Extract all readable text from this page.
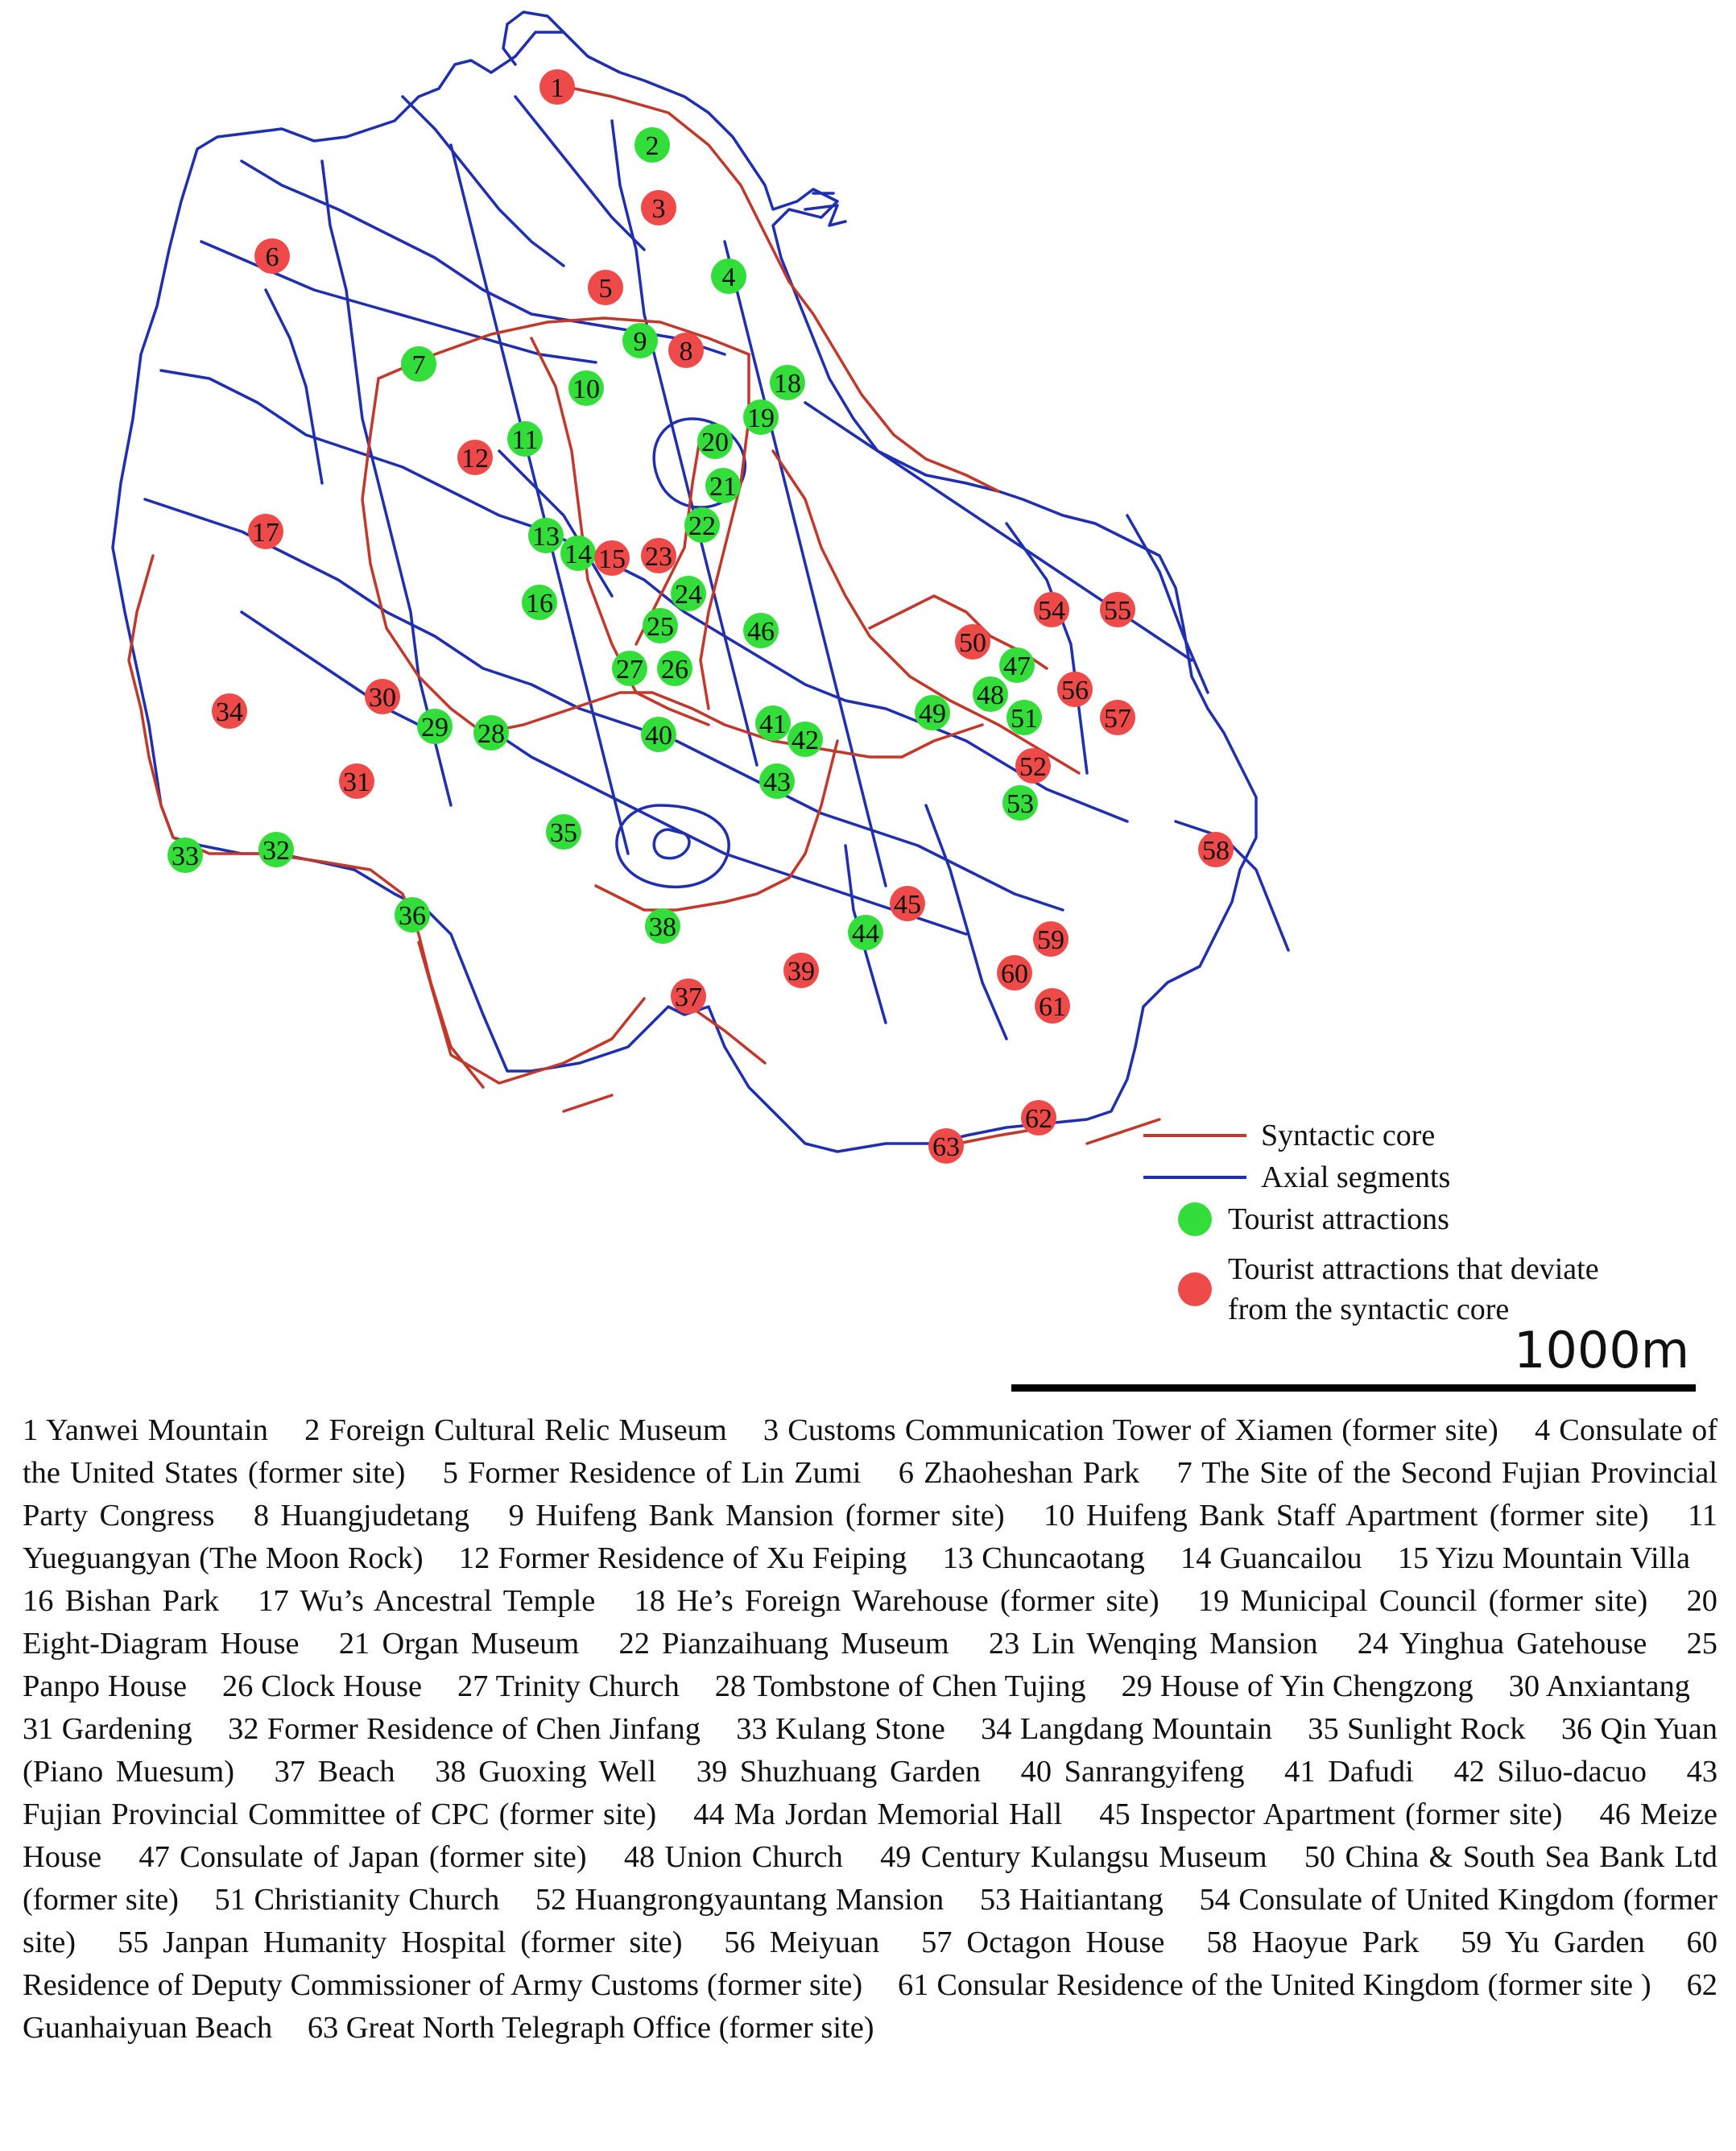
1
2
3
4
5
6
7	8
9
10
11
12
13
14 15
16
17
18
19
20
21
22
23
24
25
26
27
28
29
30
31
32
33
34
35
36
37
38
39
40	41
42
43
44
45
46
47
48
49
50
51
52
53
54 55
56
57
58
59
60
61
62
63	Syntactic core
Axial segments
Tourist attractions
Tourist attractions that deviate
from the syntactic core
1000m
1 Yanwei Mountain 2 Foreign Cultural Relic Museum 3 Customs Communication Tower of Xiamen (former site) 4 Consulate of the United States (former site) 5 Former Residence of Lin Zumi 6 Zhaoheshan Park 7 The Site of the Second Fujian Provincial Party Congress 8 Huangjudetang 9 Huifeng Bank Mansion (former site) 10 Huifeng Bank Staff Apartment (former site) 11 Yueguangyan (The Moon Rock) 12 Former Residence of Xu Feiping 13 Chuncaotang 14 Guancailou 15 Yizu Mountain Villa 16 Bishan Park 17 Wu’s Ancestral Temple 18 He’s Foreign Warehouse (former site) 19 Municipal Council (former site) 20 Eight-Diagram House 21 Organ Museum 22 Pianzaihuang Museum 23 Lin Wenqing Mansion 24 Yinghua Gatehouse 25 Panpo House 26 Clock House 27 Trinity Church 28 Tombstone of Chen Tujing 29 House of Yin Chengzong 30 Anxiantang 31 Gardening 32 Former Residence of Chen Jinfang 33 Kulang Stone 34 Langdang Mountain 35 Sunlight Rock 36 Qin Yuan (Piano Muesum) 37 Beach 38 Guoxing Well 39 Shuzhuang Garden 40 Sanrangyifeng 41 Dafudi 42 Siluo-dacuo 43 Fujian Provincial Committee of CPC (former site) 44 Ma Jordan Memorial Hall 45 Inspector Apartment (former site) 46 Meize House 47 Consulate of Japan (former site) 48 Union Church 49 Century Kulangsu Museum 50 China & South Sea Bank Ltd (former site) 51 Christianity Church 52 Huangrongyauntang Mansion 53 Haitiantang 54 Consulate of United Kingdom (former site) 55 Janpan Humanity Hospital (former site) 56 Meiyuan 57 Octagon House 58 Haoyue Park 59 Yu Garden 60 Residence of Deputy Commissioner of Army Customs (former site) 61 Consular Residence of the United Kingdom (former site ) 62 Guanhaiyuan Beach 63 Great North Telegraph Office (former site)
